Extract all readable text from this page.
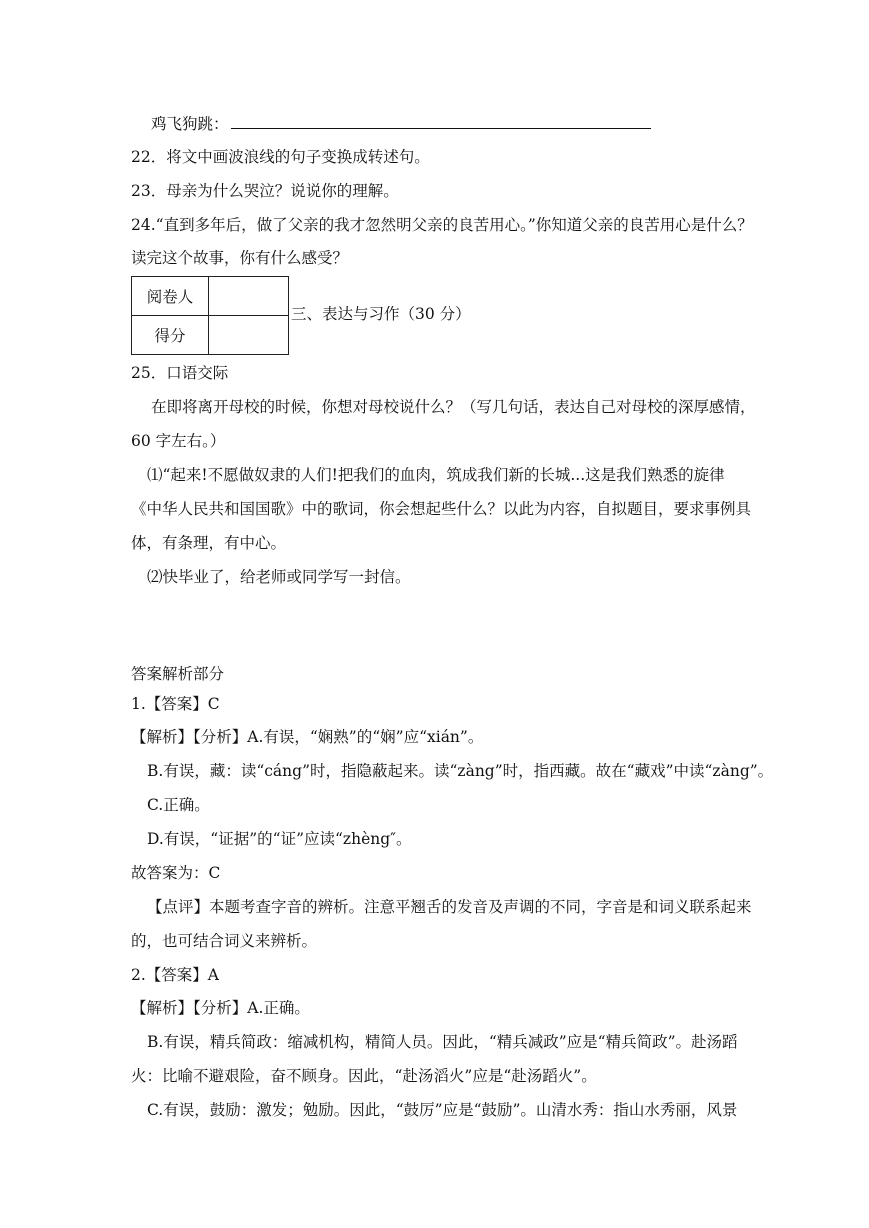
鸡飞狗跳：
22．将文中画波浪线的句子变换成转述句。
23．母亲为什么哭泣？说说你的理解。
24.“直到多年后，做了父亲的我才忽然明父亲的良苦用心。”你知道父亲的良苦用心是什么？
读完这个故事，你有什么感受？
阅卷人	
得分	
三、表达与习作（30 分）
25．口语交际
在即将离开母校的时候，你想对母校说什么？（写几句话，表达自己对母校的深厚感情，
60 字左右。）
⑴“起来!不愿做奴隶的人们!把我们的血肉，筑成我们新的长城...这是我们熟悉的旋律
《中华人民共和国国歌》中的歌词，你会想起些什么？以此为内容，自拟题目，要求事例具
体，有条理，有中心。
⑵快毕业了，给老师或同学写一封信。
答案解析部分
1.【答案】C
【解析】【分析】A.有误，“娴熟”的“娴”应“xián”。
B.有误，藏：读“cáng”时，指隐蔽起来。读“zàng”时，指西藏。故在“藏戏”中读“zàng”。
C.正确。
D.有误，“证据”的“证”应读“zhèng″。
故答案为：C
【点评】本题考查字音的辨析。注意平翘舌的发音及声调的不同，字音是和词义联系起来
的，也可结合词义来辨析。
2.【答案】A
【解析】【分析】A.正确。
B.有误，精兵简政：缩减机构，精简人员。因此，“精兵减政”应是“精兵简政”。赴汤蹈
火：比喻不避艰险，奋不顾身。因此，“赴汤滔火”应是“赴汤蹈火”。
C.有误，鼓励：激发；勉励。因此，“鼓厉”应是“鼓励”。山清水秀：指山水秀丽，风景
